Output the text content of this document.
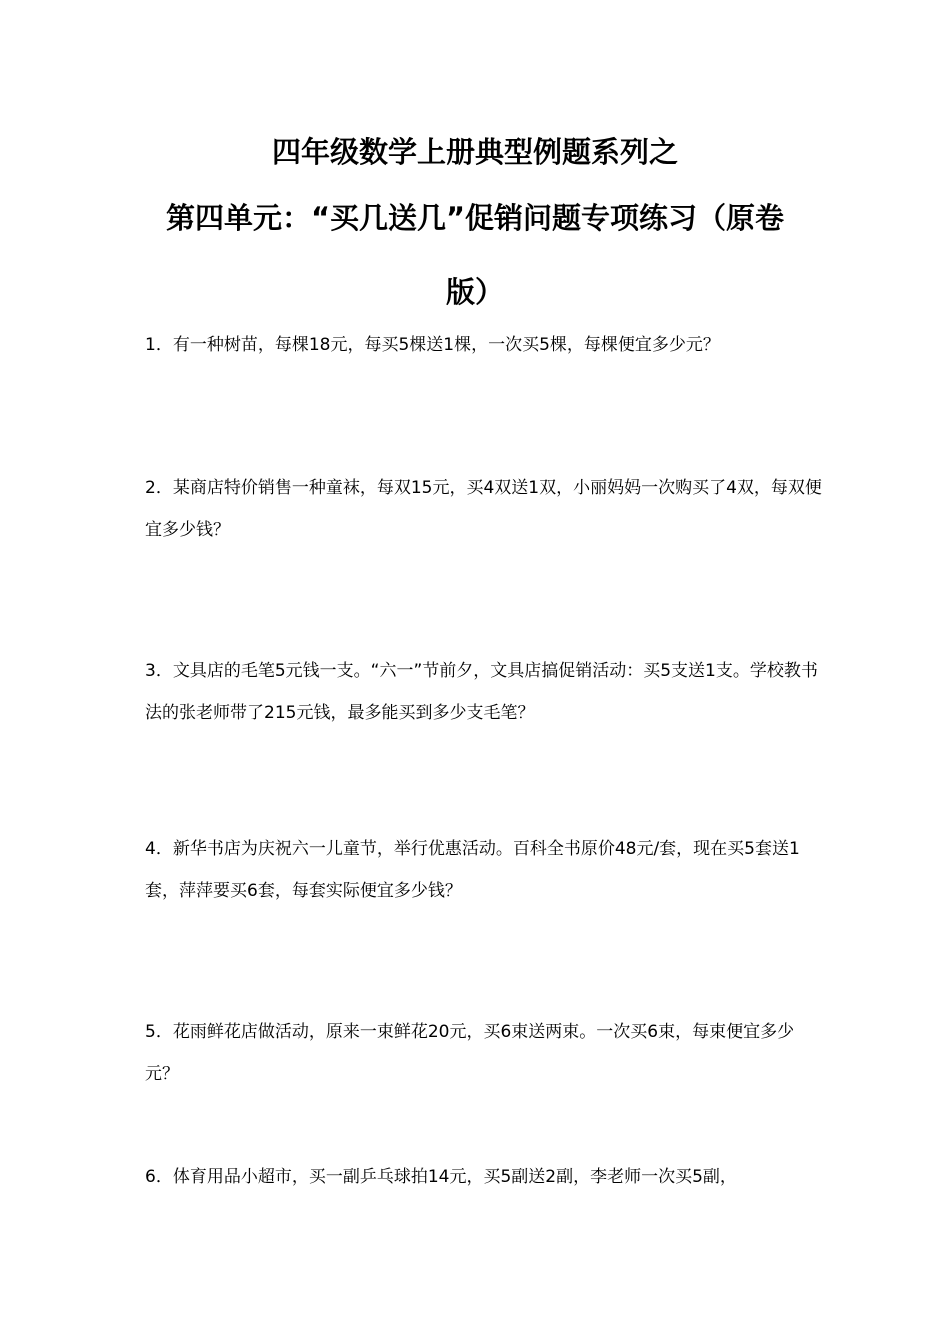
四年级数学上册典型例题系列之
第四单元：“买几送几”促销问题专项练习（原卷
版）

1．有一种树苗，每棵18元，每买5棵送1棵，一次买5棵，每棵便宜多少元？

2．某商店特价销售一种童袜，每双15元，买4双送1双，小丽妈妈一次购买了4双，每双便宜多少钱？

3．文具店的毛笔5元钱一支。“六一”节前夕，文具店搞促销活动：买5支送1支。学校教书法的张老师带了215元钱，最多能买到多少支毛笔？

4．新华书店为庆祝六一儿童节，举行优惠活动。百科全书原价48元/套，现在买5套送1套，萍萍要买6套，每套实际便宜多少钱？

5．花雨鲜花店做活动，原来一束鲜花20元，买6束送两束。一次买6束，每束便宜多少元？

6．体育用品小超市，买一副乒乓球拍14元，买5副送2副，李老师一次买5副，
